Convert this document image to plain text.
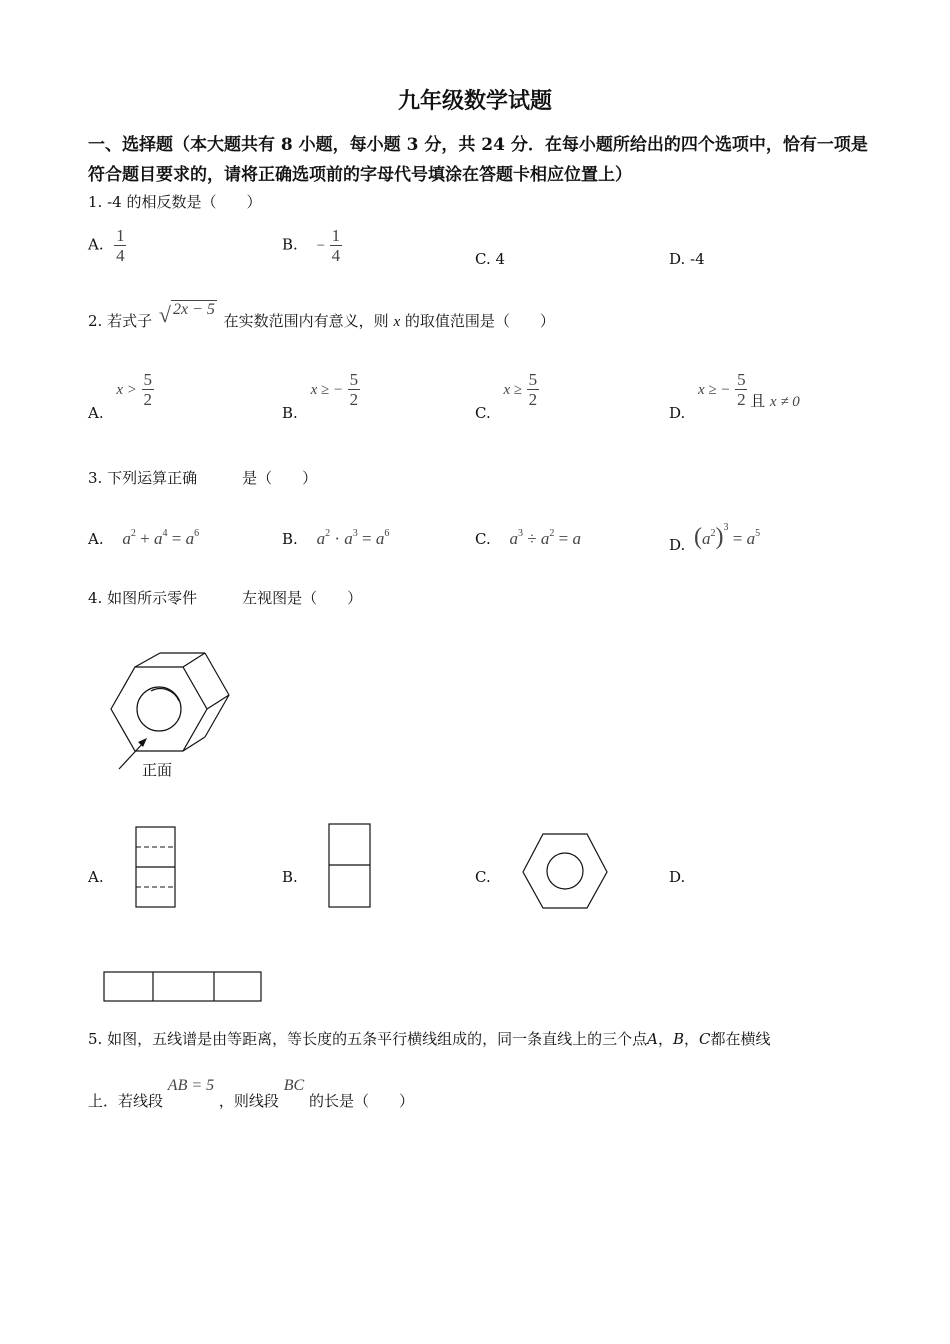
九年级数学试题
一、选择题（本大题共有 8 小题，每小题 3 分，共 24 分．在每小题所给出的四个选项中，恰有一项是符合题目要求的，请将正确选项前的字母代号填涂在答题卡相应位置上）
1. -4 的相反数是（　　）
A. $\frac{1}{4}$	B. − $\frac{1}{4}$	C. 4	D. -4
2. 若式子 √ 2x − 5 在实数范围内有意义，则 x 的取值范围是（　　）
A. $x > \frac{5}{2}$
B. x ≥ − $\frac{5}{2}$
C. $x \ge \frac{5}{2}$
D. x ≥ − $\frac{5}{2}$ 且 x ≠ 0
3. 下列运算正确　　　是（　　）
A. $a^2 + a^4 = a^6$	B. $a^2 \cdot a^3 = a^6$	C. $a^3 \div a^2 = a$	D. $(a^2)^3 = a^5$
4. 如图所示零件　　　左视图是（　　）
正面
A.	B.	C.	D.
5. 如图，五线谱是由等距离，等长度的五条平行横线组成的，同一条直线上的三个点A，B，C都在横线
上．若线段 AB = 5 ，则线段 BC 的长是（　　）
